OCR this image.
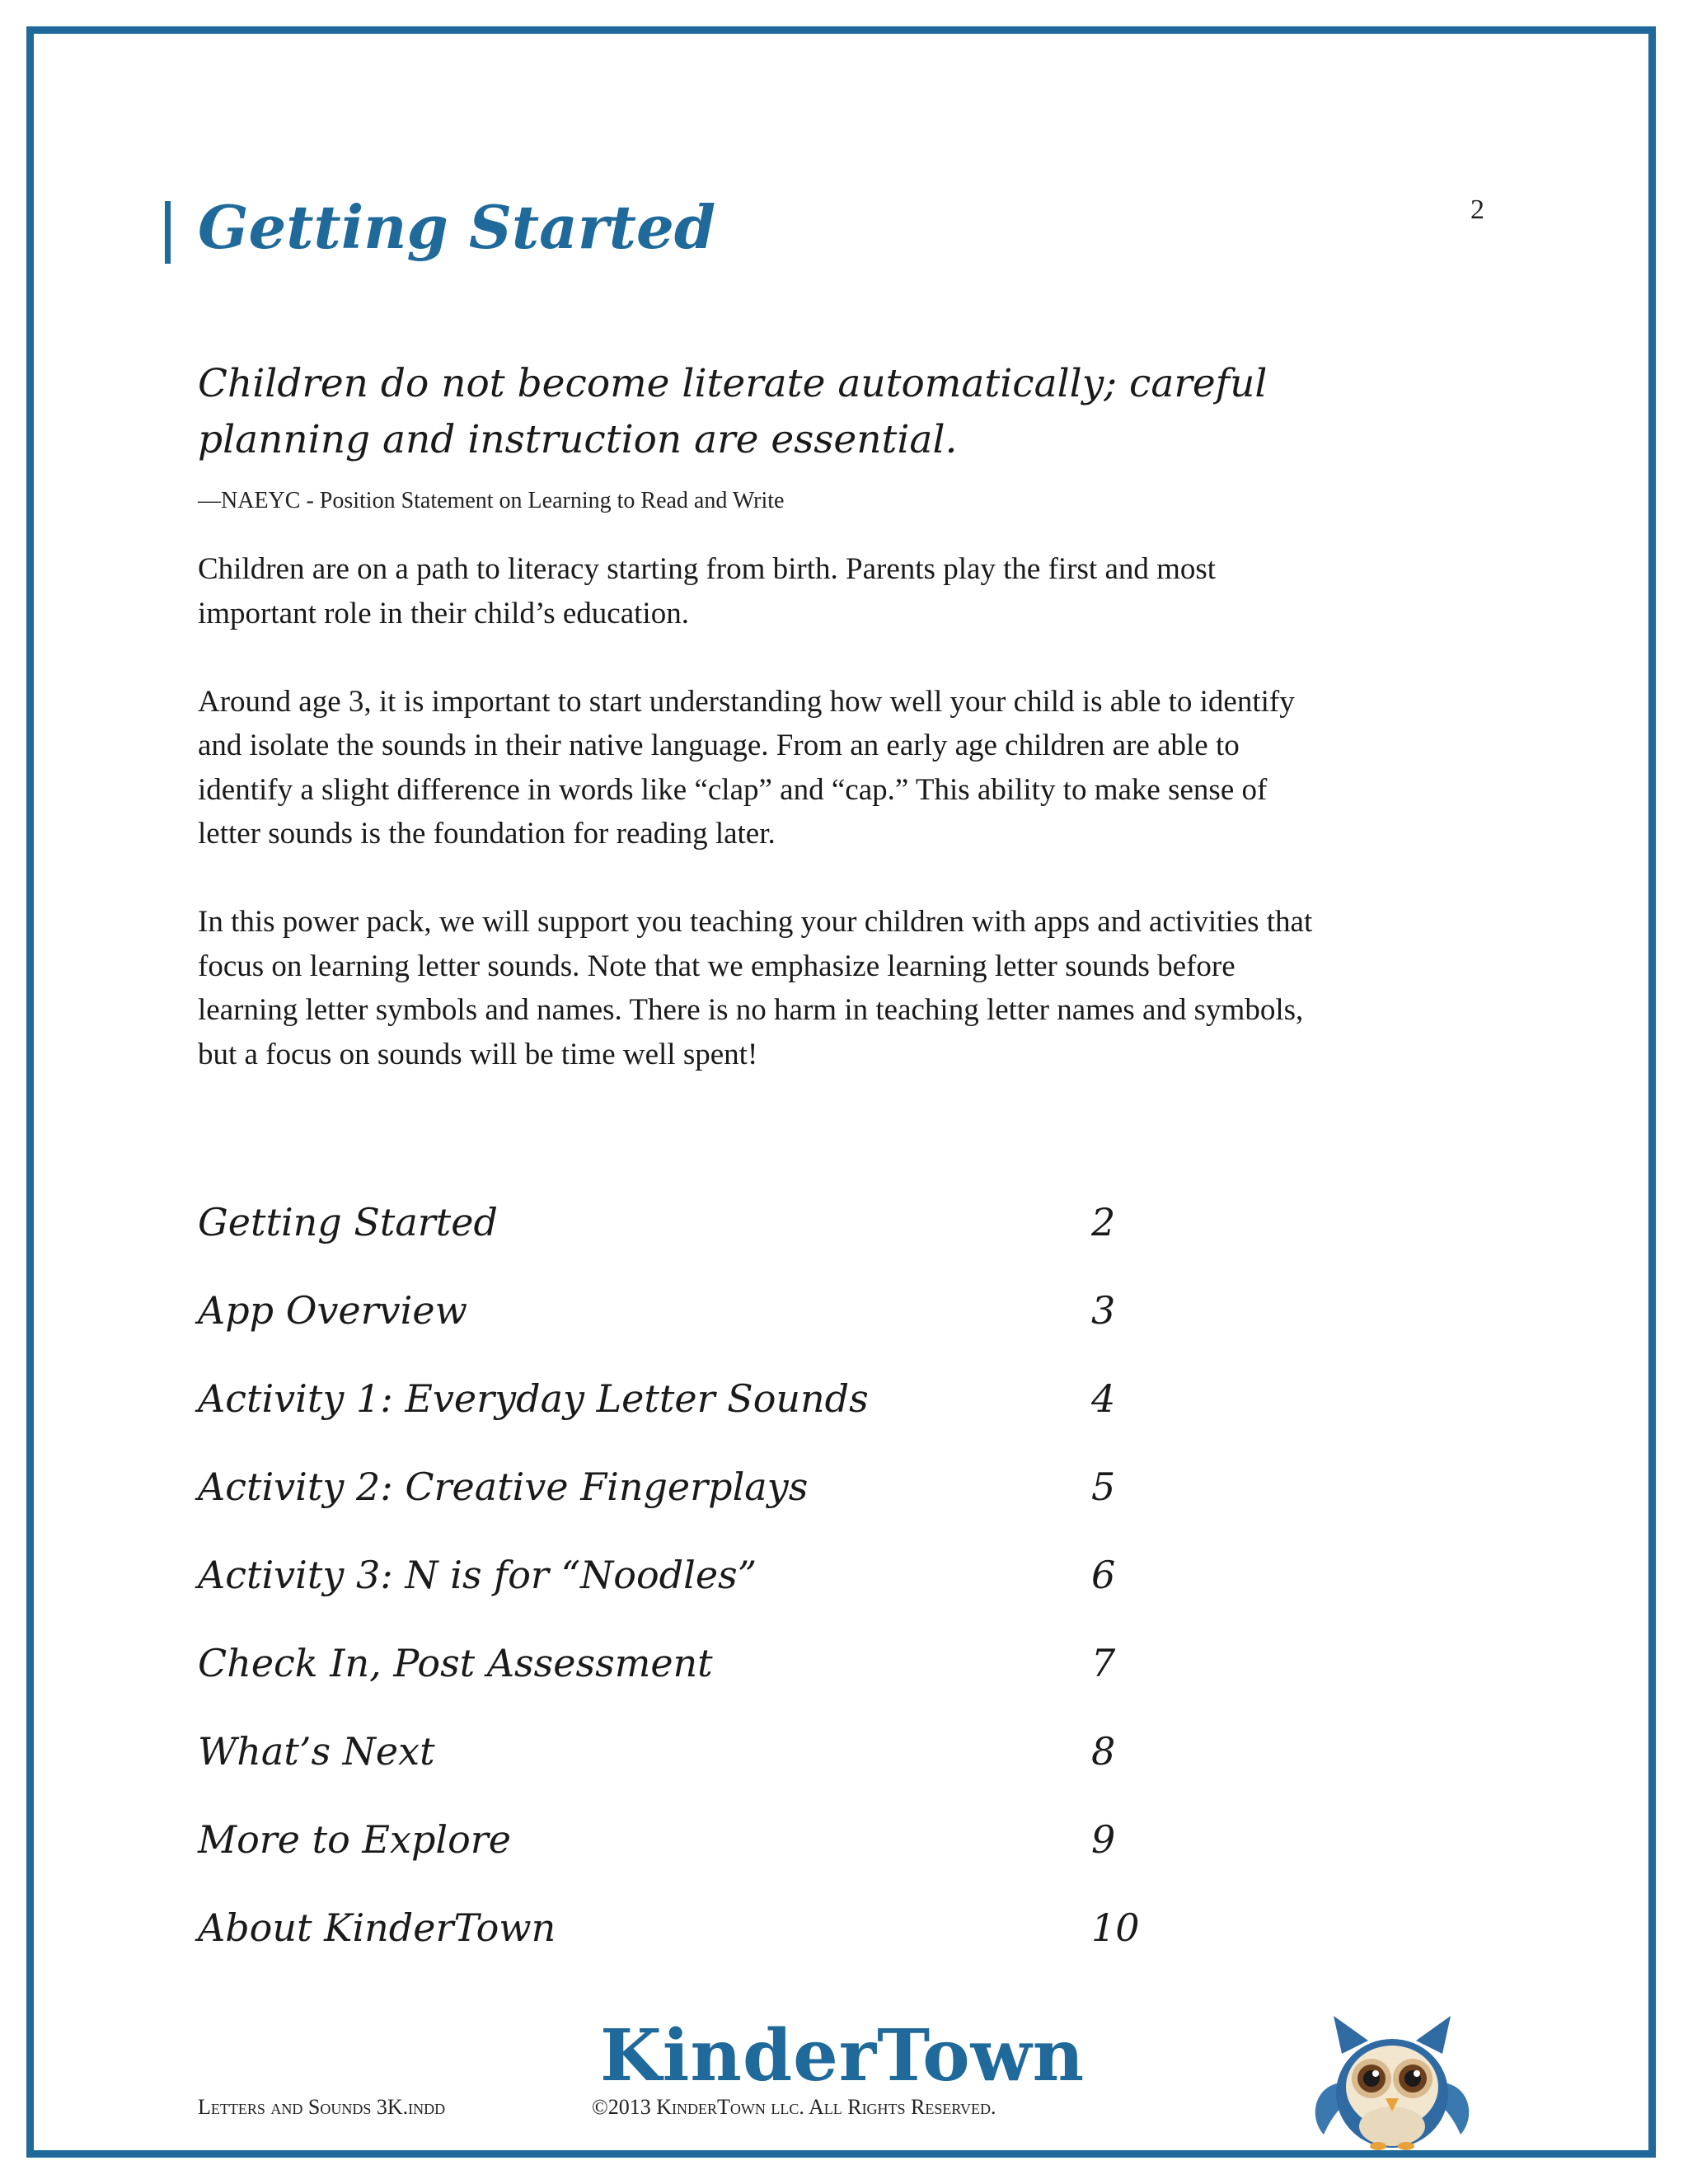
Getting Started	2

Children do not become literate automatically; careful planning and instruction are essential.

—NAEYC - Position Statement on Learning to Read and Write

Children are on a path to literacy starting from birth. Parents play the first and most important role in their child’s education.

Around age 3, it is important to start understanding how well your child is able to identify and isolate the sounds in their native language. From an early age children are able to identify a slight difference in words like “clap” and “cap.” This ability to make sense of letter sounds is the foundation for reading later.

In this power pack, we will support you teaching your children with apps and activities that focus on learning letter sounds. Note that we emphasize learning letter sounds before learning letter symbols and names. There is no harm in teaching letter names and symbols, but a focus on sounds will be time well spent!

Getting Started	2
App Overview	3
Activity 1: Everyday Letter Sounds	4
Activity 2: Creative Fingerplays	5
Activity 3: N is for “Noodles”	6
Check In, Post Assessment	7
What’s Next	8
More to Explore	9
About KinderTown	10
KinderTown
Letters and Sounds 3K.indd	©2013 KinderTown llc. All Rights Reserved.
